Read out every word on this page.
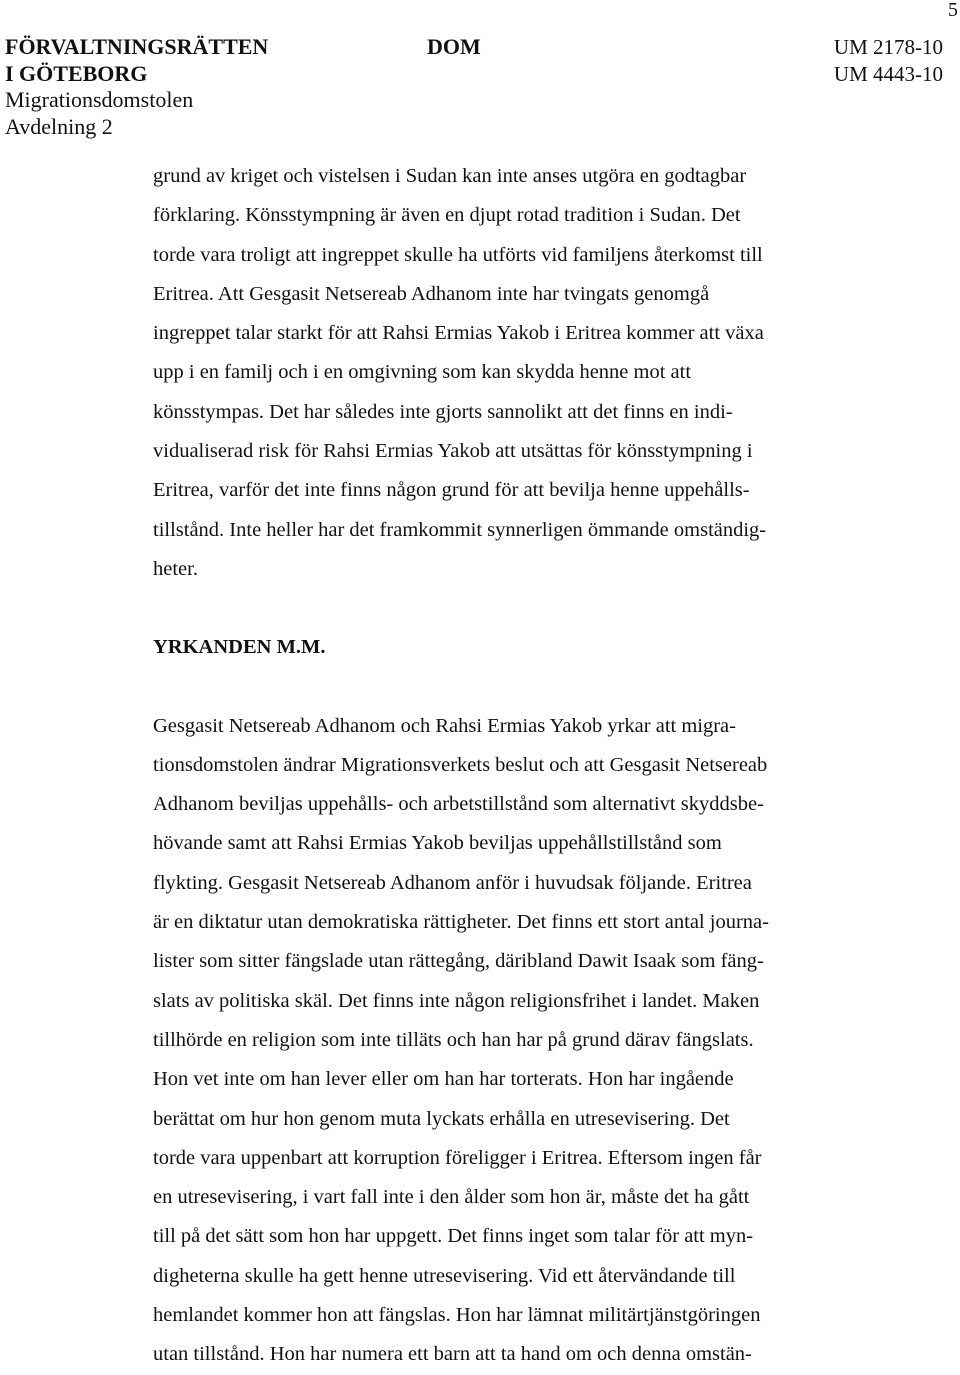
5
FÖRVALTNINGSRÄTTEN
I GÖTEBORG
Migrationsdomstolen
Avdelning 2
DOM	UM 2178-10
UM 4443-10

grund av kriget och vistelsen i Sudan kan inte anses utgöra en godtagbar
förklaring. Könsstympning är även en djupt rotad tradition i Sudan. Det
torde vara troligt att ingreppet skulle ha utförts vid familjens återkomst till
Eritrea. Att Gesgasit Netsereab Adhanom inte har tvingats genomgå
ingreppet talar starkt för att Rahsi Ermias Yakob i Eritrea kommer att växa
upp i en familj och i en omgivning som kan skydda henne mot att
könsstympas. Det har således inte gjorts sannolikt att det finns en indi-
vidualiserad risk för Rahsi Ermias Yakob att utsättas för könsstympning i
Eritrea, varför det inte finns någon grund för att bevilja henne uppehålls-
tillstånd. Inte heller har det framkommit synnerligen ömmande omständig-
heter.

YRKANDEN M.M.

Gesgasit Netsereab Adhanom och Rahsi Ermias Yakob yrkar att migra-
tionsdomstolen ändrar Migrationsverkets beslut och att Gesgasit Netsereab
Adhanom beviljas uppehålls- och arbetstillstånd som alternativt skyddsbe-
hövande samt att Rahsi Ermias Yakob beviljas uppehållstillstånd som
flykting. Gesgasit Netsereab Adhanom anför i huvudsak följande. Eritrea
är en diktatur utan demokratiska rättigheter. Det finns ett stort antal journa-
lister som sitter fängslade utan rättegång, däribland Dawit Isaak som fäng-
slats av politiska skäl. Det finns inte någon religionsfrihet i landet. Maken
tillhörde en religion som inte tilläts och han har på grund därav fängslats.
Hon vet inte om han lever eller om han har torterats. Hon har ingående
berättat om hur hon genom muta lyckats erhålla en utresevisering. Det
torde vara uppenbart att korruption föreligger i Eritrea. Eftersom ingen får
en utresevisering, i vart fall inte i den ålder som hon är, måste det ha gått
till på det sätt som hon har uppgett. Det finns inget som talar för att myn-
digheterna skulle ha gett henne utresevisering. Vid ett återvändande till
hemlandet kommer hon att fängslas. Hon har lämnat militärtjänstgöringen
utan tillstånd. Hon har numera ett barn att ta hand om och denna omstän-
